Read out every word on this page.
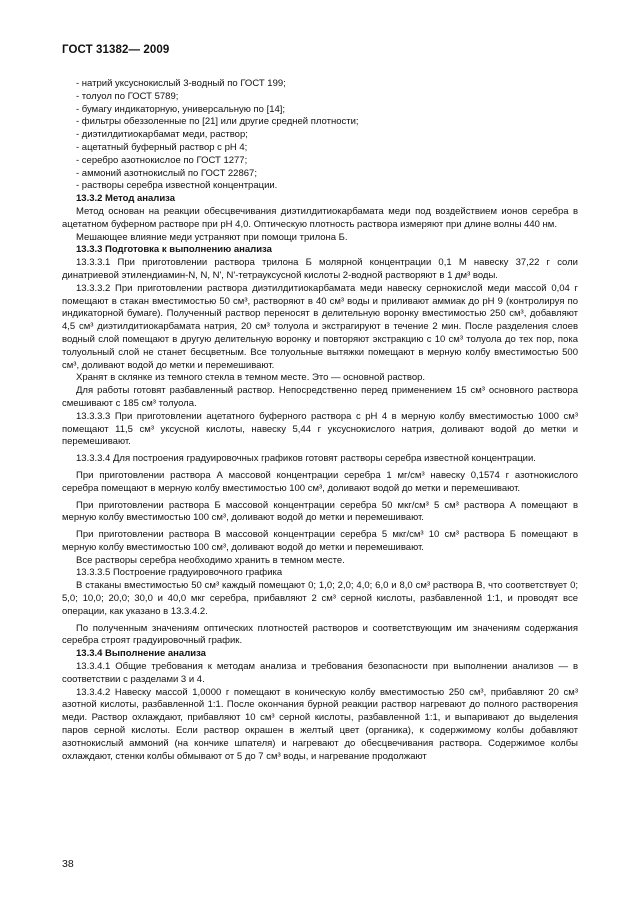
ГОСТ 31382— 2009

- натрий уксуснокислый 3-водный по ГОСТ 199;

- толуол по ГОСТ 5789;

- бумагу индикаторную, универсальную по [14];

- фильтры обеззоленные по [21] или другие средней плотности;

- диэтилдитиокарбамат меди, раствор;

- ацетатный буферный раствор с pH 4;

- серебро азотнокислое по ГОСТ 1277;

- аммоний азотнокислый по ГОСТ 22867;

- растворы серебра известной концентрации.

13.3.2 Метод анализа

Метод основан на реакции обесцвечивания диэтилдитиокарбамата меди под воздействием ионов серебра в ацетатном буферном растворе при pH 4,0. Оптическую плотность раствора измеряют при длине волны 440 нм.

Мешающее влияние меди устраняют при помощи трилона Б.

13.3.3 Подготовка к выполнению анализа

13.3.3.1 При приготовлении раствора трилона Б молярной концентрации 0,1 М навеску 37,22 г соли динатриевой этилендиамин-N, N, N', N'-тетрауксусной кислоты 2-водной растворяют в 1 дм³ воды.

13.3.3.2 При приготовлении раствора диэтилдитиокарбамата меди навеску сернокислой меди массой 0,04 г помещают в стакан вместимостью 50 см³, растворяют в 40 см³ воды и приливают аммиак до pH 9 (контролируя по индикаторной бумаге). Полученный раствор переносят в делительную воронку вместимостью 250 см³, добавляют 4,5 см³ диэтилдитиокарбамата натрия, 20 см³ толуола и экстрагируют в течение 2 мин. После разделения слоев водный слой помещают в другую делительную воронку и повторяют экстракцию с 10 см³ толуола до тех пор, пока толуольный слой не станет бесцветным. Все толуольные вытяжки помещают в мерную колбу вместимостью 500 см³, доливают водой до метки и перемешивают.

Хранят в склянке из темного стекла в темном месте. Это — основной раствор.

Для работы готовят разбавленный раствор. Непосредственно перед применением 15 см³ основного раствора смешивают с 185 см³ толуола.

13.3.3.3 При приготовлении ацетатного буферного раствора с pH 4 в мерную колбу вместимостью 1000 см³ помещают 11,5 см³ уксусной кислоты, навеску 5,44 г уксуснокислого натрия, доливают водой до метки и перемешивают.

13.3.3.4 Для построения градуировочных графиков готовят растворы серебра известной концентрации.

При приготовлении раствора А массовой концентрации серебра 1 мг/см³ навеску 0,1574 г азотнокислого серебра помещают в мерную колбу вместимостью 100 см³, доливают водой до метки и перемешивают.

При приготовлении раствора Б массовой концентрации серебра 50 мкг/см³ 5 см³ раствора А помещают в мерную колбу вместимостью 100 см³, доливают водой до метки и перемешивают.

При приготовлении раствора В массовой концентрации серебра 5 мкг/см³ 10 см³ раствора Б помещают в мерную колбу вместимостью 100 см³, доливают водой до метки и перемешивают.

Все растворы серебра необходимо хранить в темном месте.

13.3.3.5 Построение градуировочного графика

В стаканы вместимостью 50 см³ каждый помещают 0; 1,0; 2,0; 4,0; 6,0 и 8,0 см³ раствора В, что соответствует 0; 5,0; 10,0; 20,0; 30,0 и 40,0 мкг серебра, прибавляют 2 см³ серной кислоты, разбавленной 1:1, и проводят все операции, как указано в 13.3.4.2.

По полученным значениям оптических плотностей растворов и соответствующим им значениям содержания серебра строят градуировочный график.

13.3.4 Выполнение анализа

13.3.4.1 Общие требования к методам анализа и требования безопасности при выполнении анализов — в соответствии с разделами 3 и 4.

13.3.4.2 Навеску массой 1,0000 г помещают в коническую колбу вместимостью 250 см³, прибавляют 20 см³ азотной кислоты, разбавленной 1:1. После окончания бурной реакции раствор нагревают до полного растворения меди. Раствор охлаждают, прибавляют 10 см³ серной кислоты, разбавленной 1:1, и выпаривают до выделения паров серной кислоты. Если раствор окрашен в желтый цвет (органика), к содержимому колбы добавляют азотнокислый аммоний (на кончике шпателя) и нагревают до обесцвечивания раствора. Содержимое колбы охлаждают, стенки колбы обмывают от 5 до 7 см³ воды, и нагревание продолжают

38
